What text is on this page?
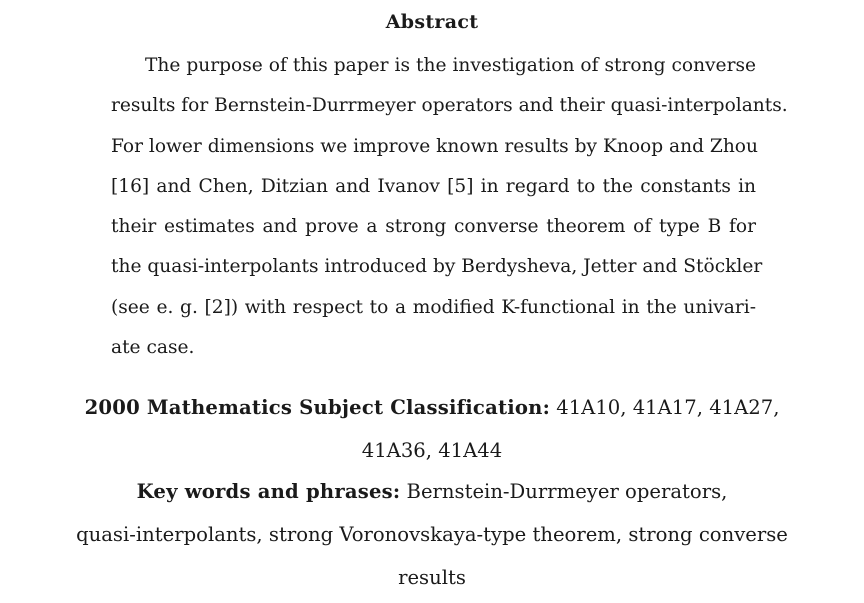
Abstract
The purpose of this paper is the investigation of strong converse
results for Bernstein-Durrmeyer operators and their quasi-interpolants.
For lower dimensions we improve known results by Knoop and Zhou
[16] and Chen, Ditzian and Ivanov [5] in regard to the constants in
their estimates and prove a strong converse theorem of type B for
the quasi-interpolants introduced by Berdysheva, Jetter and Stöckler
(see e. g. [2]) with respect to a modified K-functional in the univari-
ate case.
2000 Mathematics Subject Classification: 41A10, 41A17, 41A27,
41A36, 41A44
Key words and phrases: Bernstein-Durrmeyer operators,
quasi-interpolants, strong Voronovskaya-type theorem, strong converse
results
